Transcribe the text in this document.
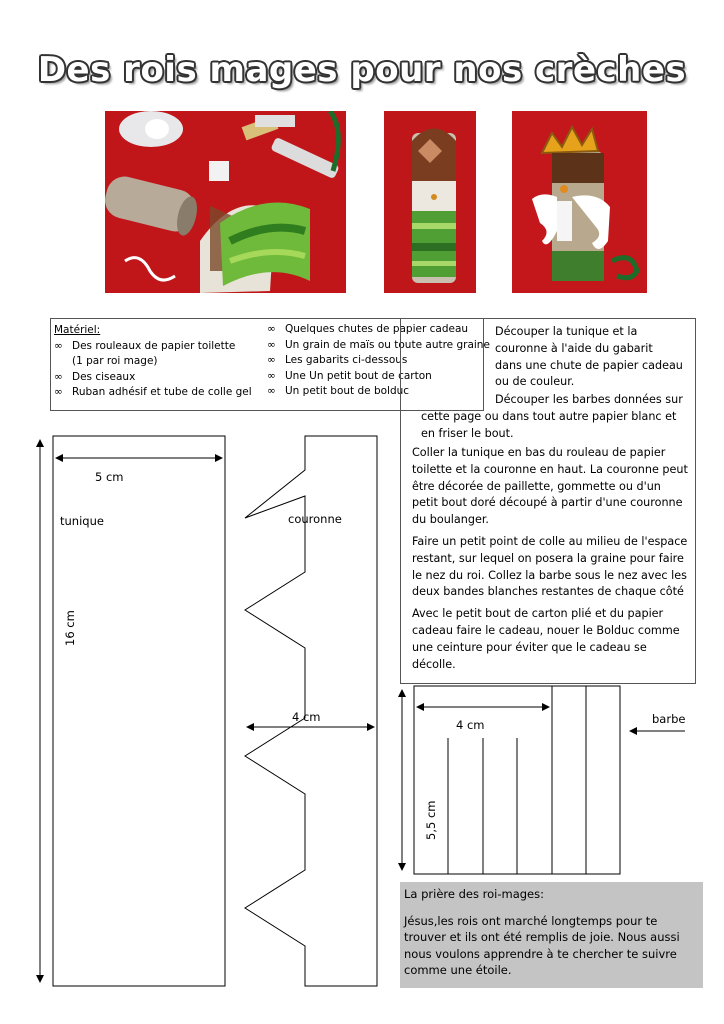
Des rois mages pour nos crèches
Matériel:
∞ Des rouleaux de papier toilette
(1 par roi mage)
∞ Des ciseaux
∞ Ruban adhésif et tube de colle gel
∞ Quelques chutes de papier cadeau
∞ Un grain de maïs ou toute autre graine
∞ Les gabarits ci-dessous
∞ Une Un petit bout de carton
∞ Un petit bout de bolduc

Découper la tunique et la couronne à l'aide du gabarit dans une chute de papier cadeau ou de couleur.

Découper les barbes données sur cette page ou dans tout autre papier blanc et en friser le bout.

Coller la tunique en bas du rouleau de papier toilette et la couronne en haut. La couronne peut être décorée de paillette, gommette ou d'un petit bout doré découpé à partir d'une couronne du boulanger.

Faire un petit point de colle au milieu de l'espace restant, sur lequel on posera la graine pour faire le nez du roi. Collez la barbe sous le nez avec les deux bandes blanches restantes de chaque côté

Avec le petit bout de carton plié et du papier cadeau faire le cadeau, nouer le Bolduc comme une ceinture pour éviter que le cadeau se décolle.

5 cm
tunique
16 cm
couronne
4 cm
4 cm
5,5 cm
barbe
La prière des roi-mages:
Jésus,les rois ont marché longtemps pour te trouver et ils ont été remplis de joie. Nous aussi nous voulons apprendre à te chercher te suivre comme une étoile.
